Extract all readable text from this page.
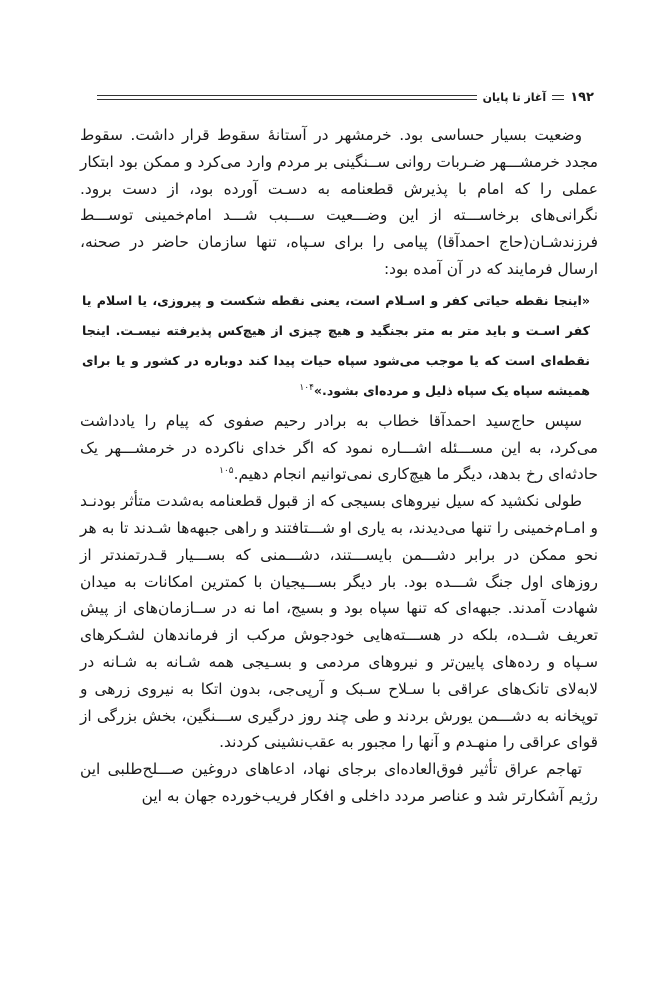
۱۹۲
آغاز تا پایان

وضعیت بسیار حساسی بود. خرمشهر در آستانهٔ سقوط قرار داشت. سقوط مجدد خرمشـــهر ضـربات روانی ســنگینی بر مردم وارد می‌کرد و ممکن بود ابتکار عملی را که امام با پذیرش قطعنامه به دسـت آورده بود، از دست برود. نگرانی‌های برخاســـته از این وضـــعیت ســـبب شـــد امام‌خمینی توســـط فرزندشـان(حاج احمدآقا) پیامی را برای سـپاه، تنها سازمان حاضر در صحنه، ارسال فرمایند که در آن آمده بود:

«اینجا نقطه حیاتی کفر و اسـلام است، یعنی نقطه شکست و پیروزی، یا اسلام یا کفر اسـت و باید متر به متر بجنگید و هیچ چیزی از هیچ‌کس پذیرفته نیسـت. اینجا نقطه‌ای است که یا موجب می‌شود سپاه حیات پیدا کند دوباره در کشور و یا برای همیشه سپاه یک سپاه ذلیل و مرده‌ای بشود.»$^{۱۰۴}$

سپس حاج‌سید احمدآقا خطاب به برادر رحیم صفوی که پیام را یادداشت می‌کرد، به این مســـئله اشـــاره نمود که اگر خدای ناکرده در خرمشـــهر یک حادثه‌ای رخ بدهد، دیگر ما هیچ‌کاری نمی‌توانیم انجام دهیم.$^{۱۰۵}$

طولی نکشید که سیل نیروهای بسیجی که از قبول قطعنامه به‌شدت متأثر بودنـد و امـام‌خمینی را تنها می‌دیدند، به یاری او شـــتافتند و راهی جبهه‌ها شـدند تا به هر نحو ممکن در برابر دشـــمن بایســـتند، دشـــمنی که بســـیار قـدرتمندتر از روزهای اول جنگ شـــده بود. بار دیگر بســـیجیان با کمترین امکانات به میدان شهادت آمدند. جبهه‌ای که تنها سپاه بود و بسیج، اما نه در ســازمان‌های از پیش تعریف شــده، بلکه در هســـته‌هایی خودجوش مرکب از فرماندهان لشـکرهای سـپاه و رده‌های پایین‌تر و نیروهای مردمی و بسـیجی همه شـانه به شـانه در لابه‌لای تانک‌های عراقی با سـلاح سـبک و آرپی‌جی، بدون اتکا به نیروی زرهی و توپخانه به دشـــمن یورش بردند و طی چند روز درگیری ســـنگین، بخش بزرگی از قوای عراقی را منهـدم و آنها را مجبور به عقب‌نشینی کردند.

تهاجم عراق تأثیر فوق‌العاده‌ای برجای نهاد، ادعاهای دروغین صـــلح‌طلبی این رژیم آشکارتر شد و عناصر مردد داخلی و افکار فریب‌خورده جهان به این
